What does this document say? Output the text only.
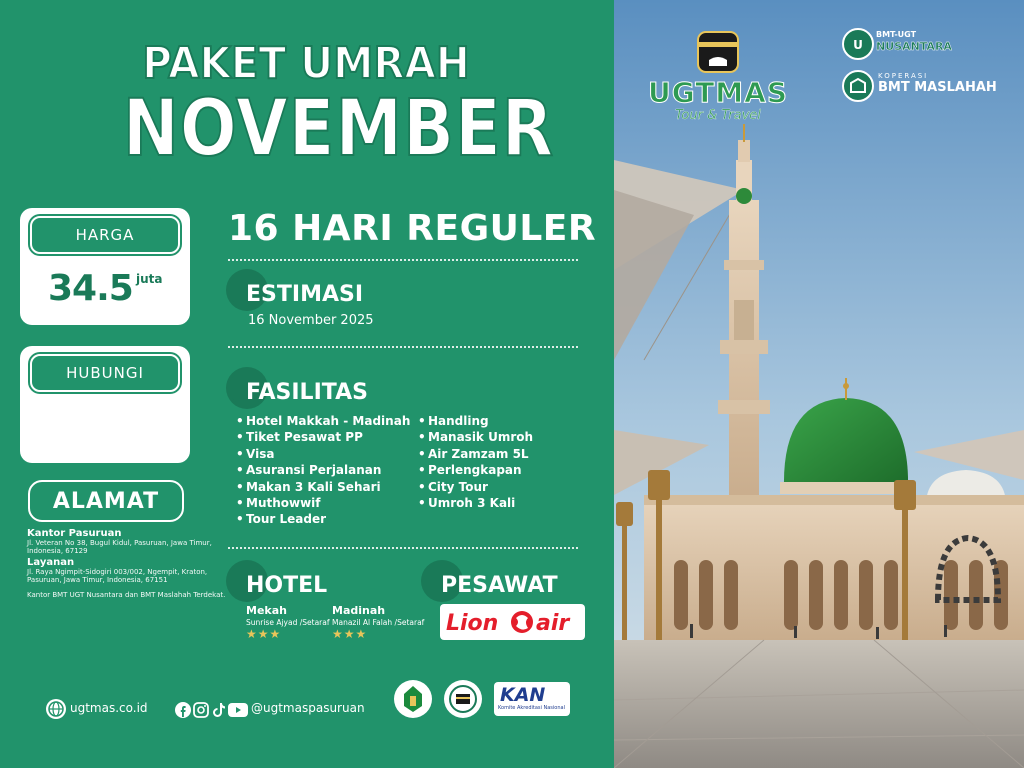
PAKET UMRAH
NOVEMBER
HARGA
34.5 juta
HUBUNGI
ALAMAT
Kantor Pasuruan
Jl. Veteran No 38, Bugul Kidul, Pasuruan, Jawa Timur, Indonesia, 67129
Layanan
Jl. Raya Ngimpit-Sidogiri 003/002, Ngempit, Kraton, Pasuruan, Jawa Timur, Indonesia, 67151
Kantor BMT UGT Nusantara dan BMT Maslahah Terdekat.
16 HARI REGULER
ESTIMASI
16 November 2025
FASILITAS
• Hotel Makkah - Madinah
• Tiket Pesawat PP
• Visa
• Asuransi Perjalanan
• Makan 3 Kali Sehari
• Muthowwif
• Tour Leader
• Handling
• Manasik Umroh
• Air Zamzam 5L
• Perlengkapan
• City Tour
• Umroh 3 Kali
HOTEL
Mekah
Sunrise Ajyad /Setaraf
★★★
Madinah
Manazil Al Falah /Setaraf
★★★
PESAWAT
Lion air
ugtmas.co.id	@ugtmaspasuruan
KAN
Komite Akreditasi Nasional
UGTMAS
Tour & Travel
U
BMT-UGT
NUSANTARA
KOPERASI
BMT MASLAHAH
